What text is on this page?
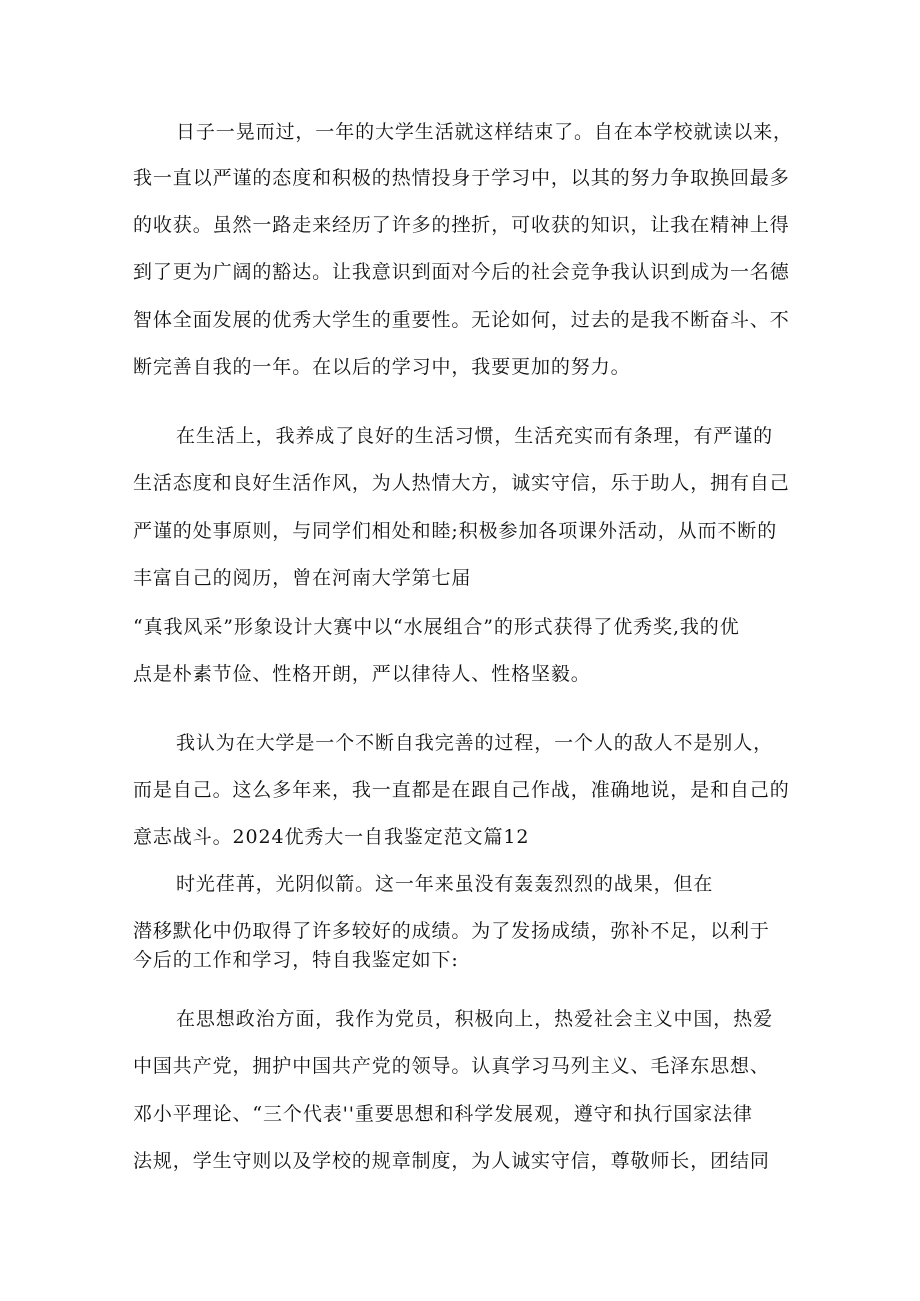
日子一晃而过，一年的大学生活就这样结束了。自在本学校就读以来，
我一直以严谨的态度和积极的热情投身于学习中，以其的努力争取换回最多
的收获。虽然一路走来经历了许多的挫折，可收获的知识，让我在精神上得
到了更为广阔的豁达。让我意识到面对今后的社会竞争我认识到成为一名德
智体全面发展的优秀大学生的重要性。无论如何，过去的是我不断奋斗、不
断完善自我的一年。在以后的学习中，我要更加的努力。
在生活上，我养成了良好的生活习惯，生活充实而有条理，有严谨的
生活态度和良好生活作风，为人热情大方，诚实守信，乐于助人，拥有自己
严谨的处事原则，与同学们相处和睦;积极参加各项课外活动，从而不断的
丰富自己的阅历，曾在河南大学第七届
“真我风采”形象设计大赛中以“水展组合”的形式获得了优秀奖,我的优
点是朴素节俭、性格开朗，严以律待人、性格坚毅。
我认为在大学是一个不断自我完善的过程，一个人的敌人不是别人，
而是自己。这么多年来，我一直都是在跟自己作战，准确地说，是和自己的
意志战斗。2024优秀大一自我鉴定范文篇12
时光荏苒，光阴似箭。这一年来虽没有轰轰烈烈的战果，但在
潜移默化中仍取得了许多较好的成绩。为了发扬成绩，弥补不足，以利于
今后的工作和学习，特自我鉴定如下:
在思想政治方面，我作为党员，积极向上，热爱社会主义中国，热爱
中国共产党，拥护中国共产党的领导。认真学习马列主义、毛泽东思想、
邓小平理论、“三个代表''重要思想和科学发展观，遵守和执行国家法律
法规，学生守则以及学校的规章制度，为人诚实守信，尊敬师长，团结同
